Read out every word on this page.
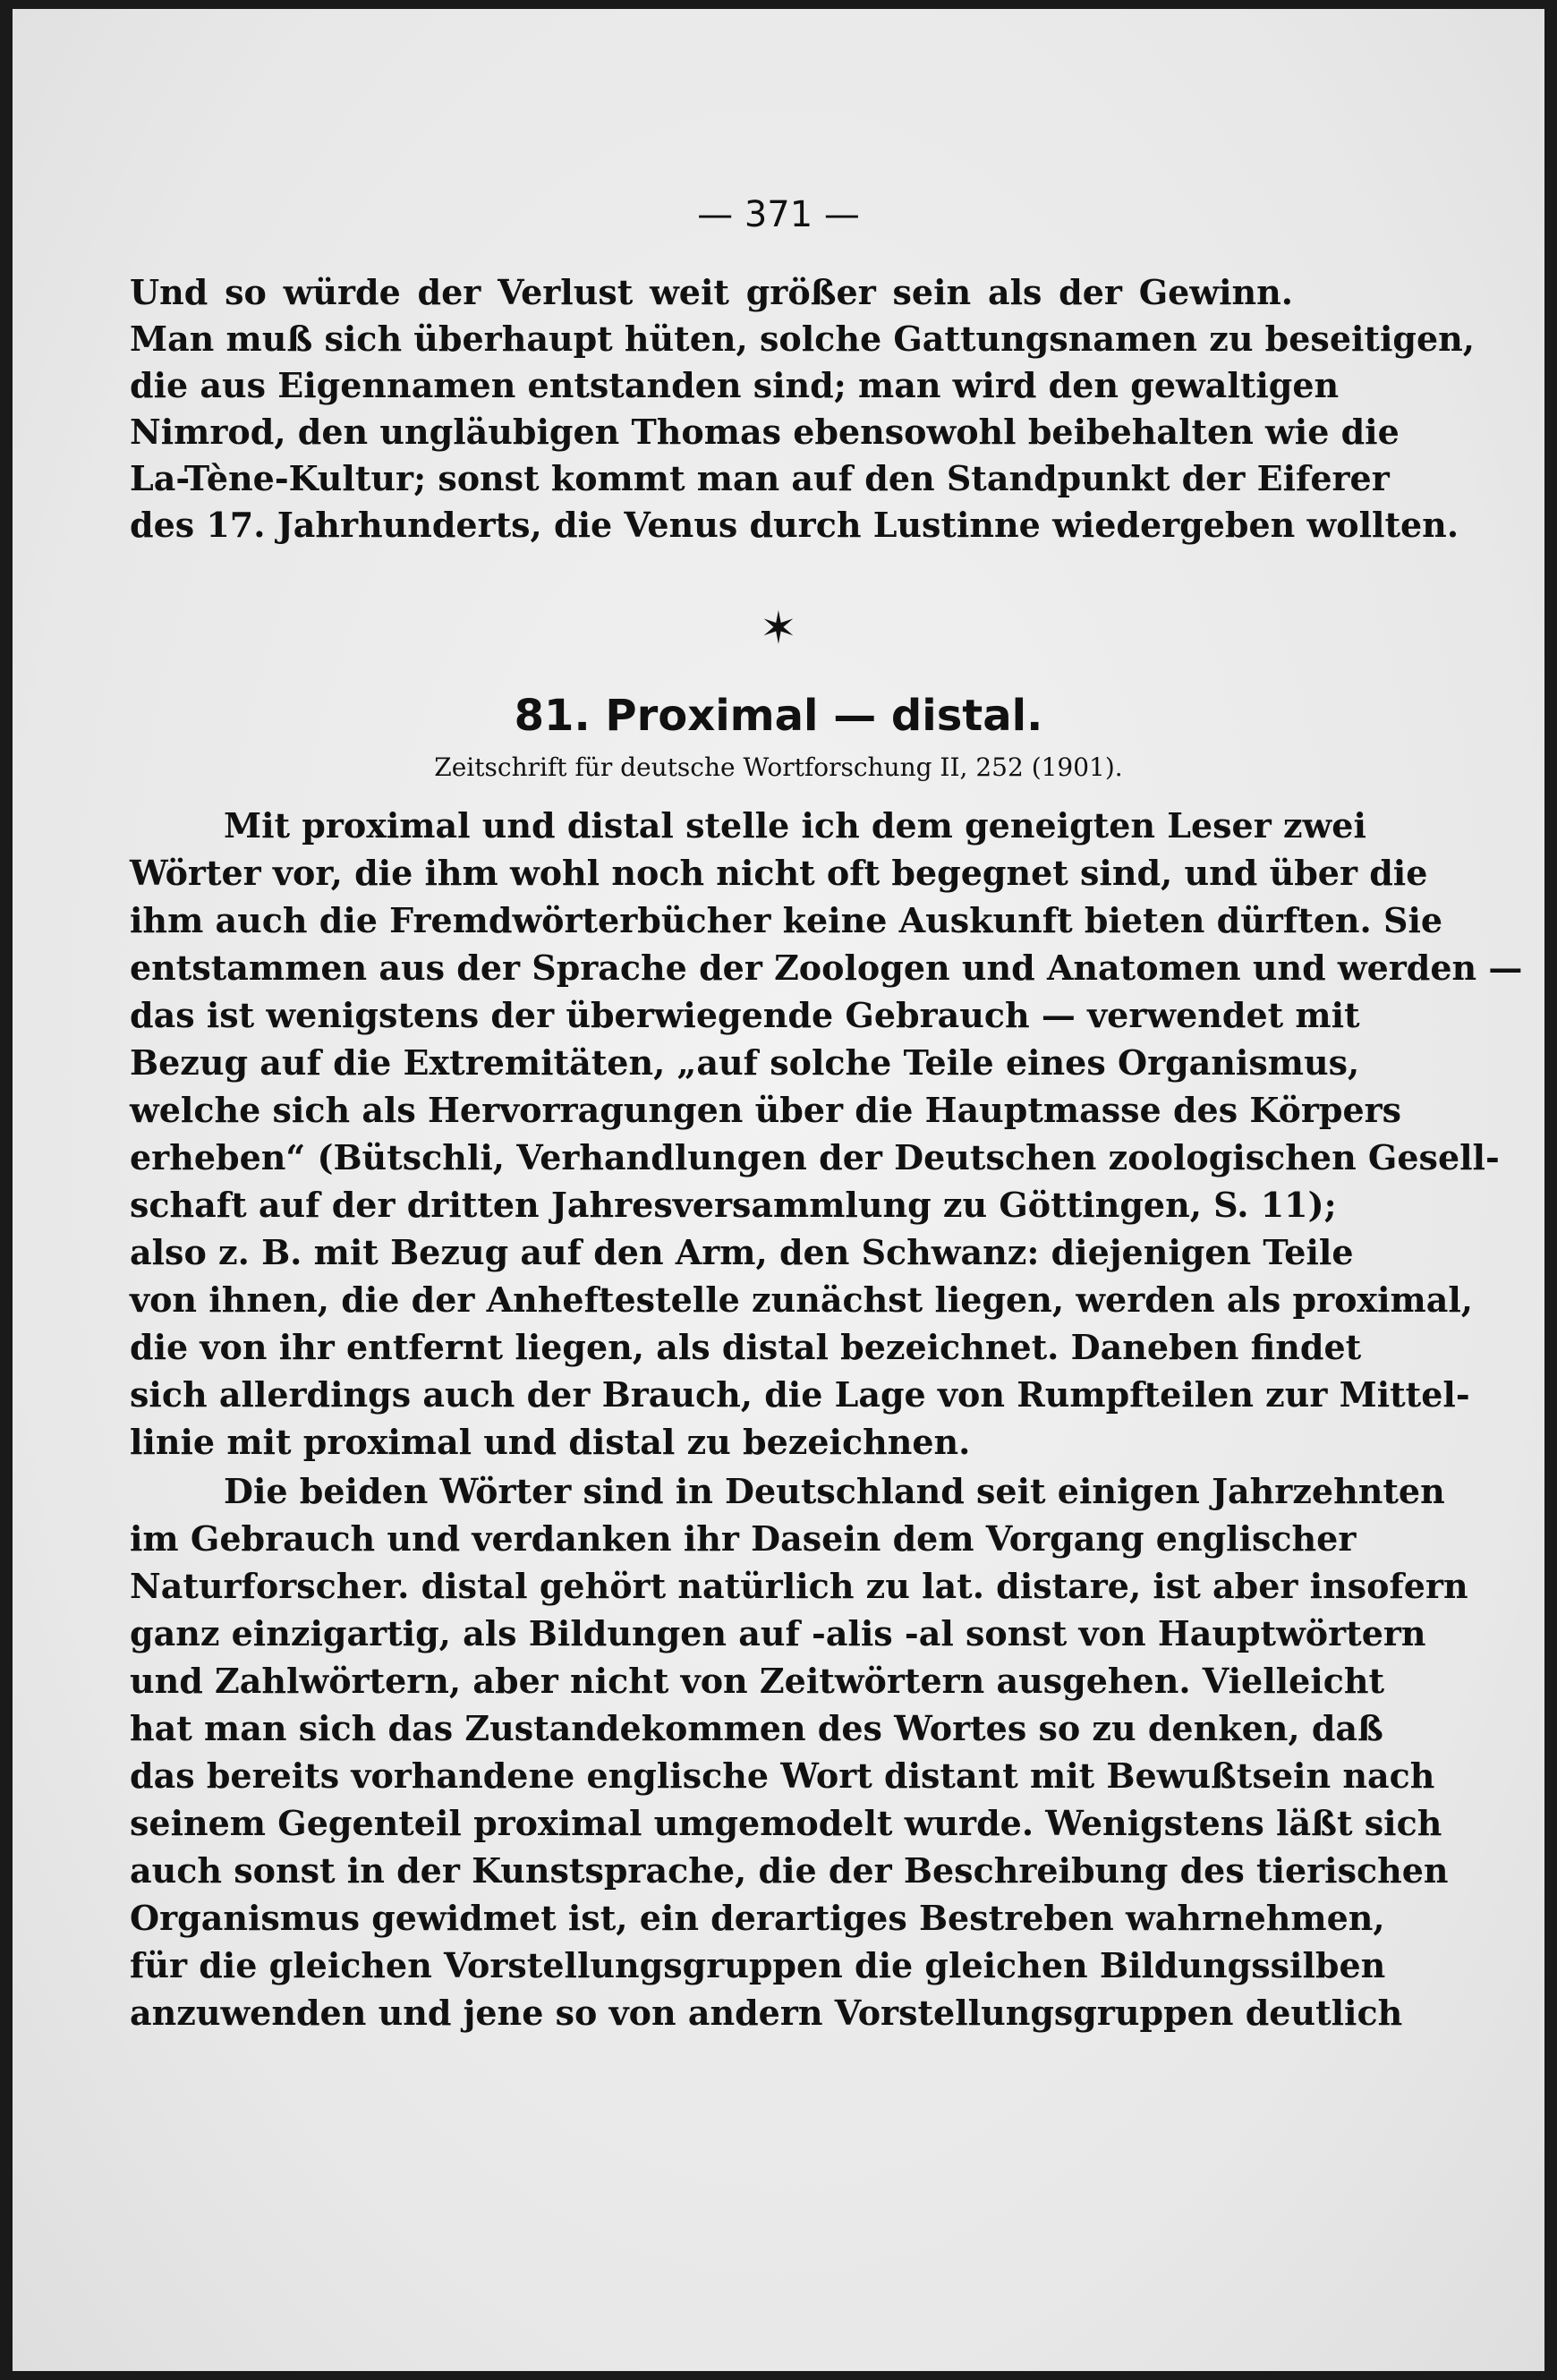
— 371 —
Und so würde der Verlust weit größer sein als der Gewinn.
Man muß sich überhaupt hüten, solche Gattungsnamen zu beseitigen,
die aus Eigennamen entstanden sind; man wird den gewaltigen
Nimrod, den ungläubigen Thomas ebensowohl beibehalten wie die
La-Tène-Kultur; sonst kommt man auf den Standpunkt der Eiferer
des 17. Jahrhunderts, die Venus durch Lustinne wiedergeben wollten.
✶
81. Proximal — distal.
Zeitschrift für deutsche Wortforschung II, 252 (1901).
Mit proximal und distal stelle ich dem geneigten Leser zwei
Wörter vor, die ihm wohl noch nicht oft begegnet sind, und über die
ihm auch die Fremdwörterbücher keine Auskunft bieten dürften. Sie
entstammen aus der Sprache der Zoologen und Anatomen und werden —
das ist wenigstens der überwiegende Gebrauch — verwendet mit
Bezug auf die Extremitäten, „auf solche Teile eines Organismus,
welche sich als Hervorragungen über die Hauptmasse des Körpers
erheben“ (Bütschli, Verhandlungen der Deutschen zoologischen Gesell-
schaft auf der dritten Jahresversammlung zu Göttingen, S. 11);
also z. B. mit Bezug auf den Arm, den Schwanz: diejenigen Teile
von ihnen, die der Anheftestelle zunächst liegen, werden als proximal,
die von ihr entfernt liegen, als distal bezeichnet. Daneben findet
sich allerdings auch der Brauch, die Lage von Rumpfteilen zur Mittel-
linie mit proximal und distal zu bezeichnen.
Die beiden Wörter sind in Deutschland seit einigen Jahrzehnten
im Gebrauch und verdanken ihr Dasein dem Vorgang englischer
Naturforscher. distal gehört natürlich zu lat. distare, ist aber insofern
ganz einzigartig, als Bildungen auf -alis -al sonst von Hauptwörtern
und Zahlwörtern, aber nicht von Zeitwörtern ausgehen. Vielleicht
hat man sich das Zustandekommen des Wortes so zu denken, daß
das bereits vorhandene englische Wort distant mit Bewußtsein nach
seinem Gegenteil proximal umgemodelt wurde. Wenigstens läßt sich
auch sonst in der Kunstsprache, die der Beschreibung des tierischen
Organismus gewidmet ist, ein derartiges Bestreben wahrnehmen,
für die gleichen Vorstellungsgruppen die gleichen Bildungssilben
anzuwenden und jene so von andern Vorstellungsgruppen deutlich
